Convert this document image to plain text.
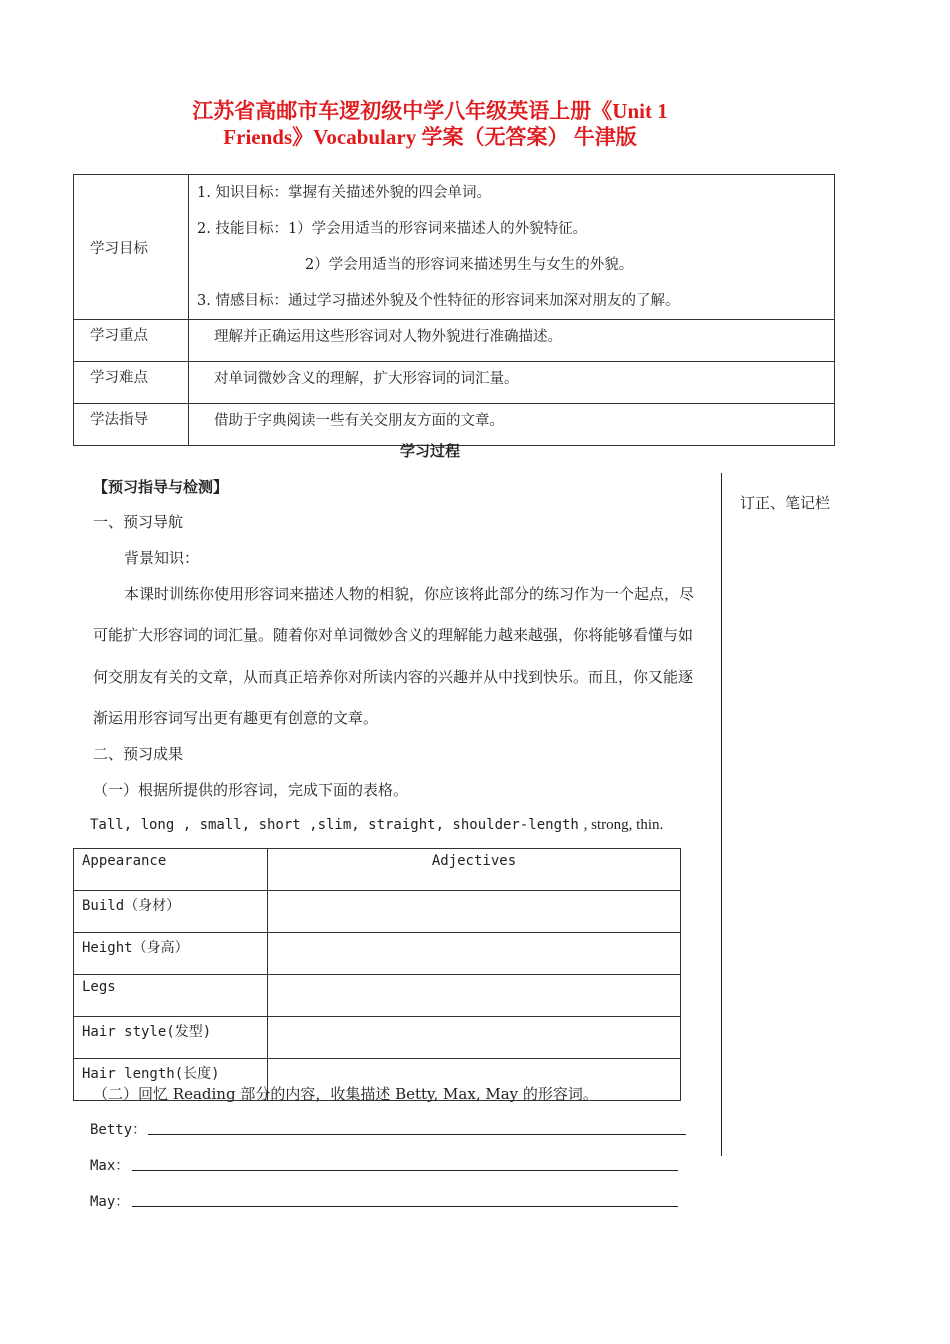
江苏省高邮市车逻初级中学八年级英语上册《Unit 1
Friends》Vocabulary 学案（无答案） 牛津版
学习目标	1. 知识目标：掌握有关描述外貌的四会单词。
2. 技能目标：1）学会用适当的形容词来描述人的外貌特征。
2）学会用适当的形容词来描述男生与女生的外貌。
3. 情感目标：通过学习描述外貌及个性特征的形容词来加深对朋友的了解。

学习重点	理解并正确运用这些形容词对人物外貌进行准确描述。

学习难点	对单词微妙含义的理解，扩大形容词的词汇量。

学法指导	借助于字典阅读一些有关交朋友方面的文章。
学习过程
订正、笔记栏
【预习指导与检测】
一、预习导航
背景知识：
本课时训练你使用形容词来描述人物的相貌，你应该将此部分的练习作为一个起点，尽
可能扩大形容词的词汇量。随着你对单词微妙含义的理解能力越来越强，你将能够看懂与如
何交朋友有关的文章，从而真正培养你对所读内容的兴趣并从中找到快乐。而且，你又能逐
渐运用形容词写出更有趣更有创意的文章。
二、预习成果
（一）根据所提供的形容词，完成下面的表格。
Tall, long , small, short ,slim, straight, shoulder-length , strong, thin.
Appearance	Adjectives
Build（身材）	
Height（身高）	
Legs	
Hair style(发型)	
Hair length(长度)	
（二）回忆 Reading 部分的内容，收集描述 Betty, Max, May 的形容词。
Betty：
Max：
May：
